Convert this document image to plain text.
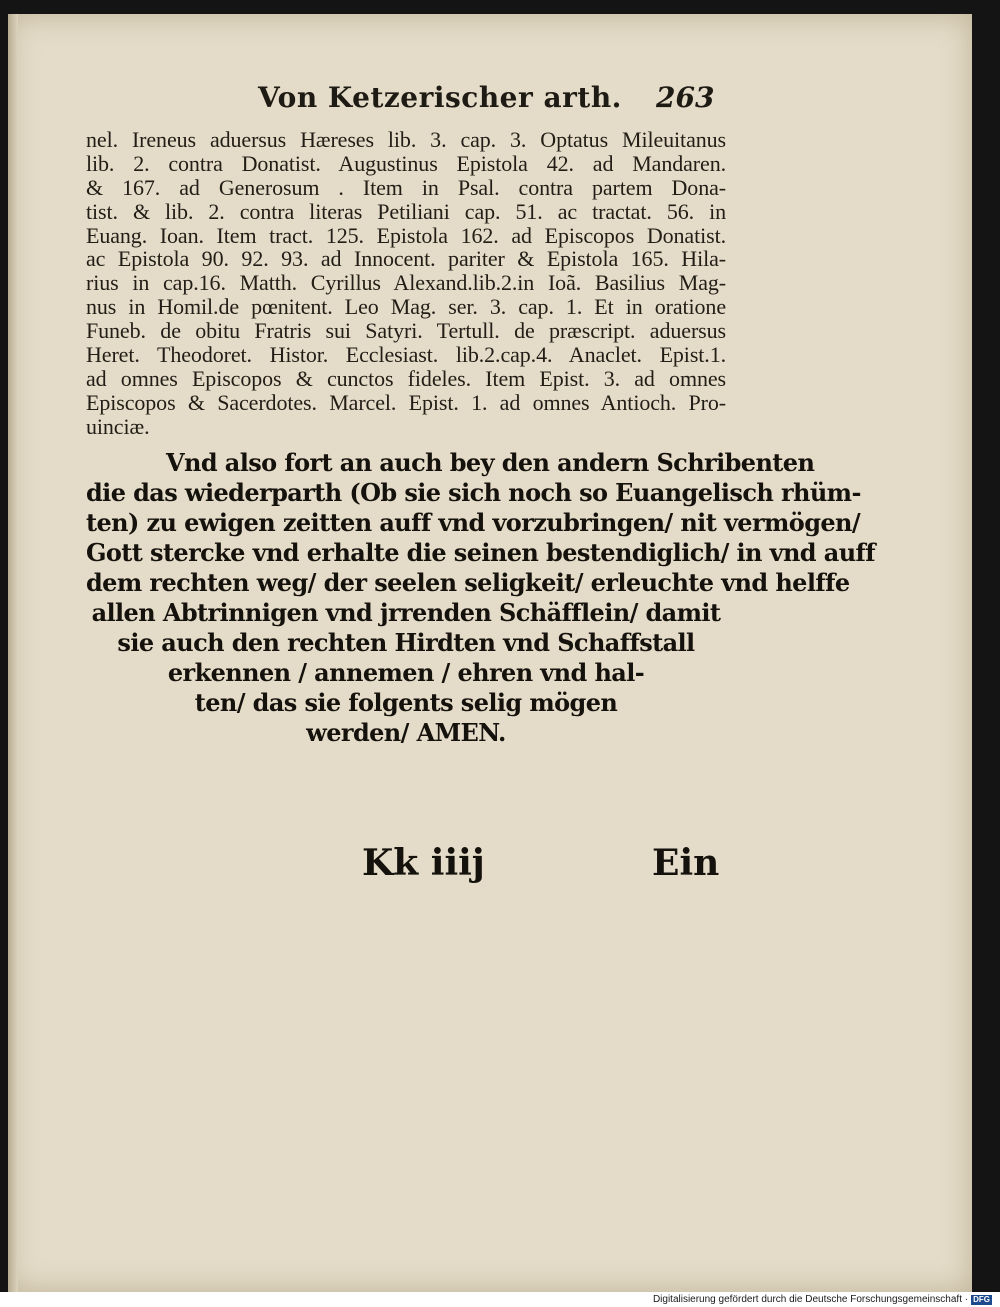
Von Ketzerischer arth. 263
nel. Ireneus aduersus Hæreses lib. 3. cap. 3. Optatus Mileuitanus
lib. 2. contra Donatist. Augustinus Epistola 42. ad Mandaren.
& 167. ad Generosum . Item in Psal. contra partem Dona-
tist. & lib. 2. contra literas Petiliani cap. 51. ac tractat. 56. in
Euang. Ioan. Item tract. 125. Epistola 162. ad Episcopos Donatist.
ac Epistola 90. 92. 93. ad Innocent. pariter & Epistola 165. Hila-
rius in cap.16. Matth. Cyrillus Alexand.lib.2.in Ioã. Basilius Mag-
nus in Homil.de pœnitent. Leo Mag. ser. 3. cap. 1. Et in oratione
Funeb. de obitu Fratris sui Satyri. Tertull. de præscript. aduersus
Heret. Theodoret. Histor. Ecclesiast. lib.2.cap.4. Anaclet. Epist.1.
ad omnes Episcopos & cunctos fideles. Item Epist. 3. ad omnes
Episcopos & Sacerdotes. Marcel. Epist. 1. ad omnes Antioch. Pro-
uinciæ.
Vnd also fort an auch bey den andern Schribenten
die das wiederparth (Ob sie sich noch so Euangelisch rhüm-
ten) zu ewigen zeitten auff vnd vorzubringen/ nit vermögen/
Gott stercke vnd erhalte die seinen bestendiglich/ in vnd auff
dem rechten weg/ der seelen seligkeit/ erleuchte vnd helffe
allen Abtrinnigen vnd jrrenden Schäfflein/ damit
sie auch den rechten Hirdten vnd Schaffstall
erkennen / annemen / ehren vnd hal-
ten/ das sie folgents selig mögen
werden/ AMEN.
Kk iiij	Ein
Digitalisierung gefördert durch die Deutsche Forschungsgemeinschaft · DFG
